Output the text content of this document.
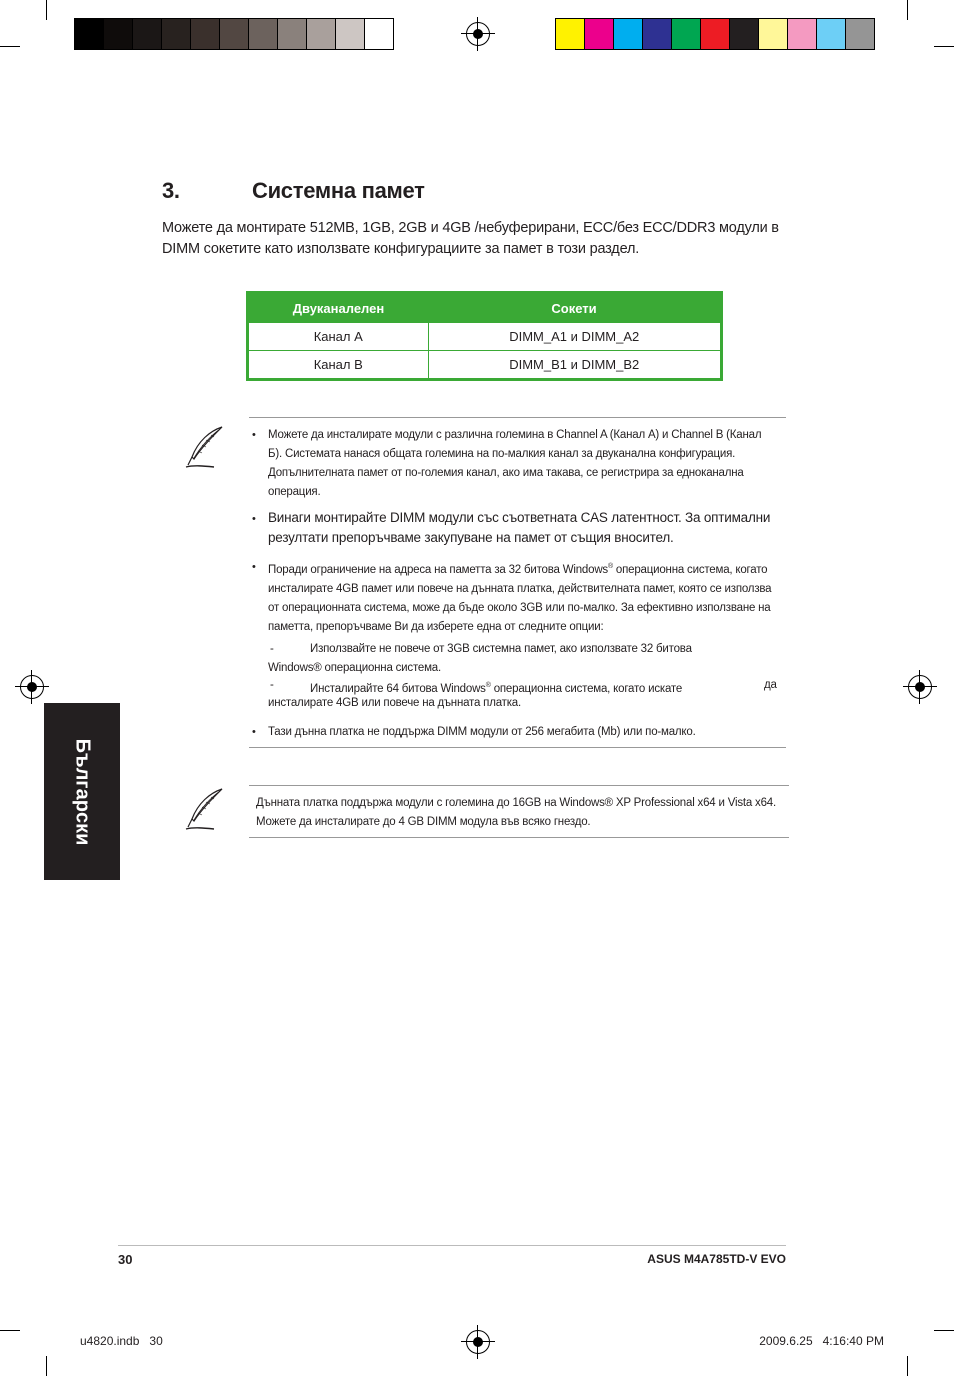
3.	Системна памет
Можете да монтирате 512MB, 1GB, 2GB и 4GB /небуферирани, ECC/без ECC/DDR3 модули в DIMM сокетите като използвате конфигурациите за памет в този раздел.
Двуканалелен	Сокети
Канал A	DIMM_A1 и DIMM_A2
Канал B	DIMM_B1 и DIMM_B2
• Можете да инсталирате модули с различна големина в Channel A (Канал A) и Channel B (Канал Б). Системата нанася общата големина на по-малкия канал за двуканална конфигурация. Допълнителната памет от по-големия канал, ако има такава, се регистрира за едноканална операция.
• Винаги монтирайте DIMM модули със съответната CAS латентност. За оптимални резултати препоръчваме закупуване на памет от същия вносител.
• Поради ограничение на адреса на паметта за 32 битова Windows® операционна система, когато инсталирате 4GB памет или повече на дънната платка, действителната памет, която се използва от операционната система, може да бъде около 3GB или по-малко. За ефективно използване на паметта, препоръчваме Ви да изберете една от следните опции:
-	Използвайте не повече от 3GB системна памет, ако използвате 32 битова Windows® операционна система.
-	Инсталирайте 64 битова Windows® операционна система, когато искате	да
инсталирате 4GB или повече на дънната платка.
• Тази дънна платка не поддържа DIMM модули от 256 мегабита (Mb) или по-малко.
Дънната платка поддържа модули с големина до 16GB на Windows® XP Professional x64 и Vista x64. Можете да инсталирате до 4 GB DIMM модула във всяко гнездо.
Български
30	ASUS M4A785TD-V EVO
u4820.indb   30	2009.6.25   4:16:40 PM
